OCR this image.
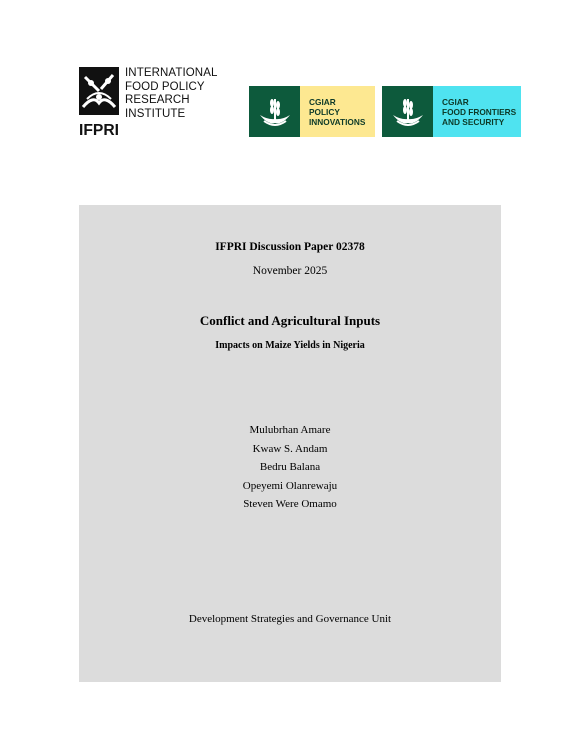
IFPRI
INTERNATIONAL
FOOD POLICY
RESEARCH
INSTITUTE
CGIAR
POLICY
INNOVATIONS
CGIAR
FOOD FRONTIERS
AND SECURITY
IFPRI Discussion Paper 02378
November 2025
Conflict and Agricultural Inputs
Impacts on Maize Yields in Nigeria
Mulubrhan Amare
Kwaw S. Andam
Bedru Balana
Opeyemi Olanrewaju
Steven Were Omamo
Development Strategies and Governance Unit
